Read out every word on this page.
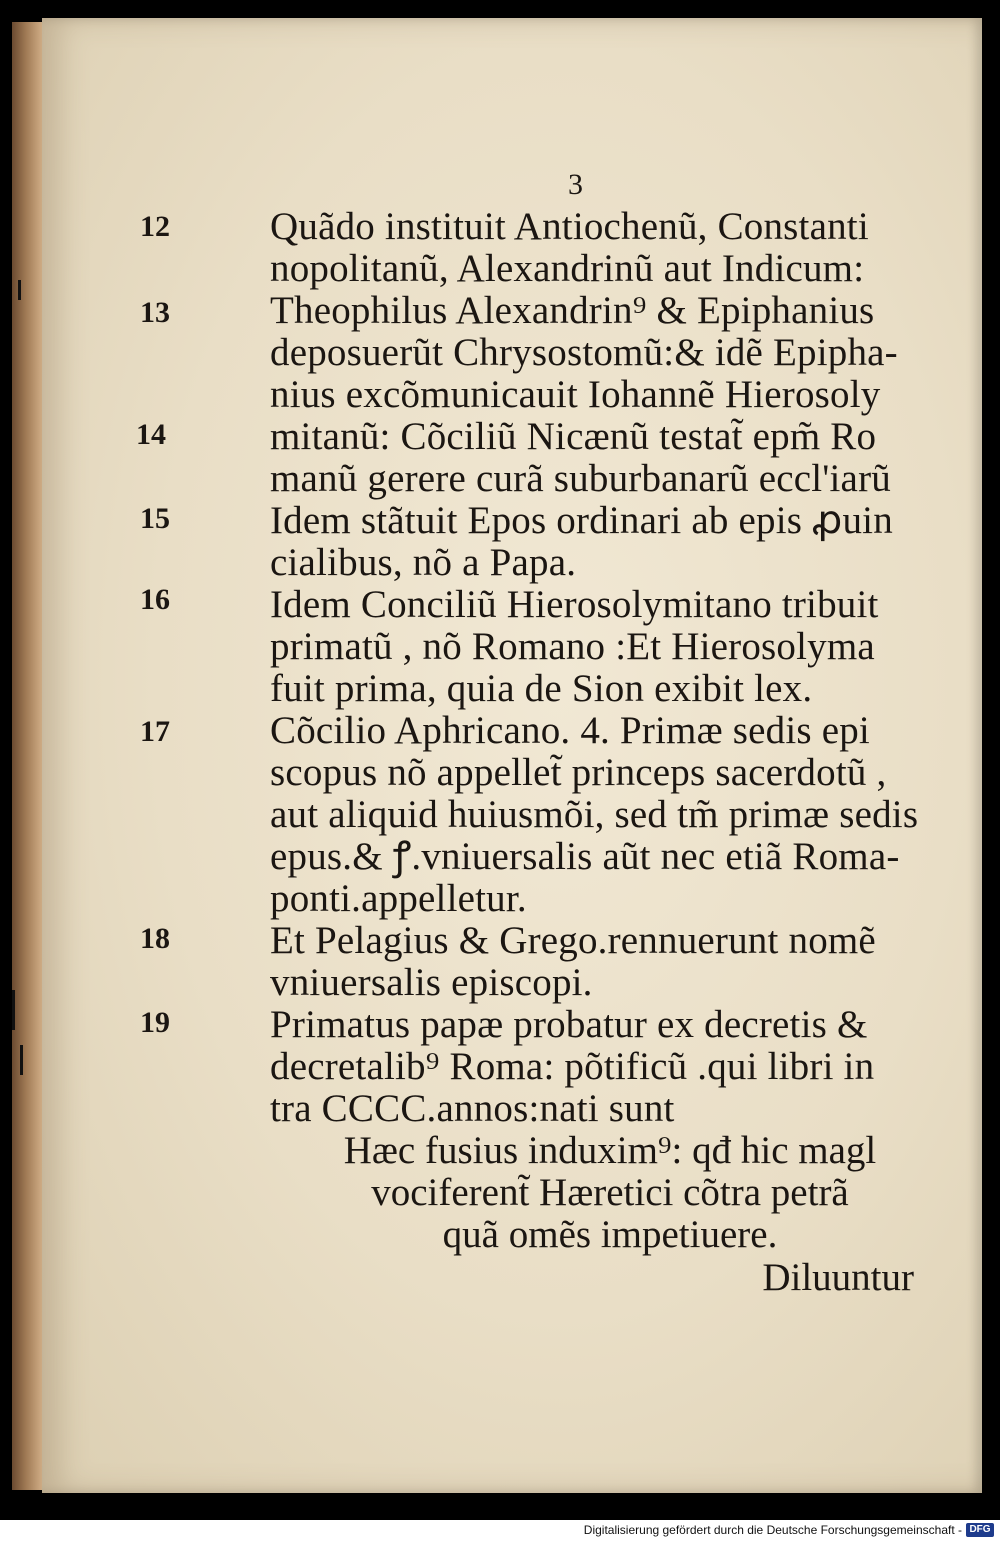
3
12
13
14
15
16
17
18
19
Quãdo instituit Antiochenũ, Constanti
nopolitanũ, Alexandrinũ aut Indicum:
Theophilus Alexandrin⁹ & Epiphanius
deposuerũt Chrysostomũ:& idẽ Epipha-
nius excõmunicauit Iohannẽ Hierosoly
mitanũ: Cõciliũ Nicænũ testat̃ epm̃ Ro
manũ gerere curã suburbanarũ eccl'iarũ
Idem stãtuit Epos ordinari ab epis ꝓuin
cialibus, nõ a Papa.
Idem Conciliũ Hierosolymitano tribuit
primatũ , nõ Romano :Et Hierosolyma
fuit prima, quia de Sion exibit lex.
Cõcilio Aphricano. 4. Primæ sedis epi
scopus nõ appellet̃ princeps sacerdotũ ,
aut aliquid huiusmõi, sed tm̃ primæ sedis
epus.& ꝭ.vniuersalis aũt nec etiã Roma-
ponti.appelletur.
Et Pelagius & Grego.rennuerunt nomẽ
vniuersalis episcopi.
Primatus papæ probatur ex decretis &
decretalib⁹ Roma: põtificũ .qui libri in
tra CCCC.annos:nati sunt
Hæc fusius induxim⁹: qđ hic magl
vociferent̃ Hæretici cõtra petrã
quã omẽs impetiuere.
Diluuntur
Digitalisierung gefördert durch die Deutsche Forschungsgemeinschaft - DFG
